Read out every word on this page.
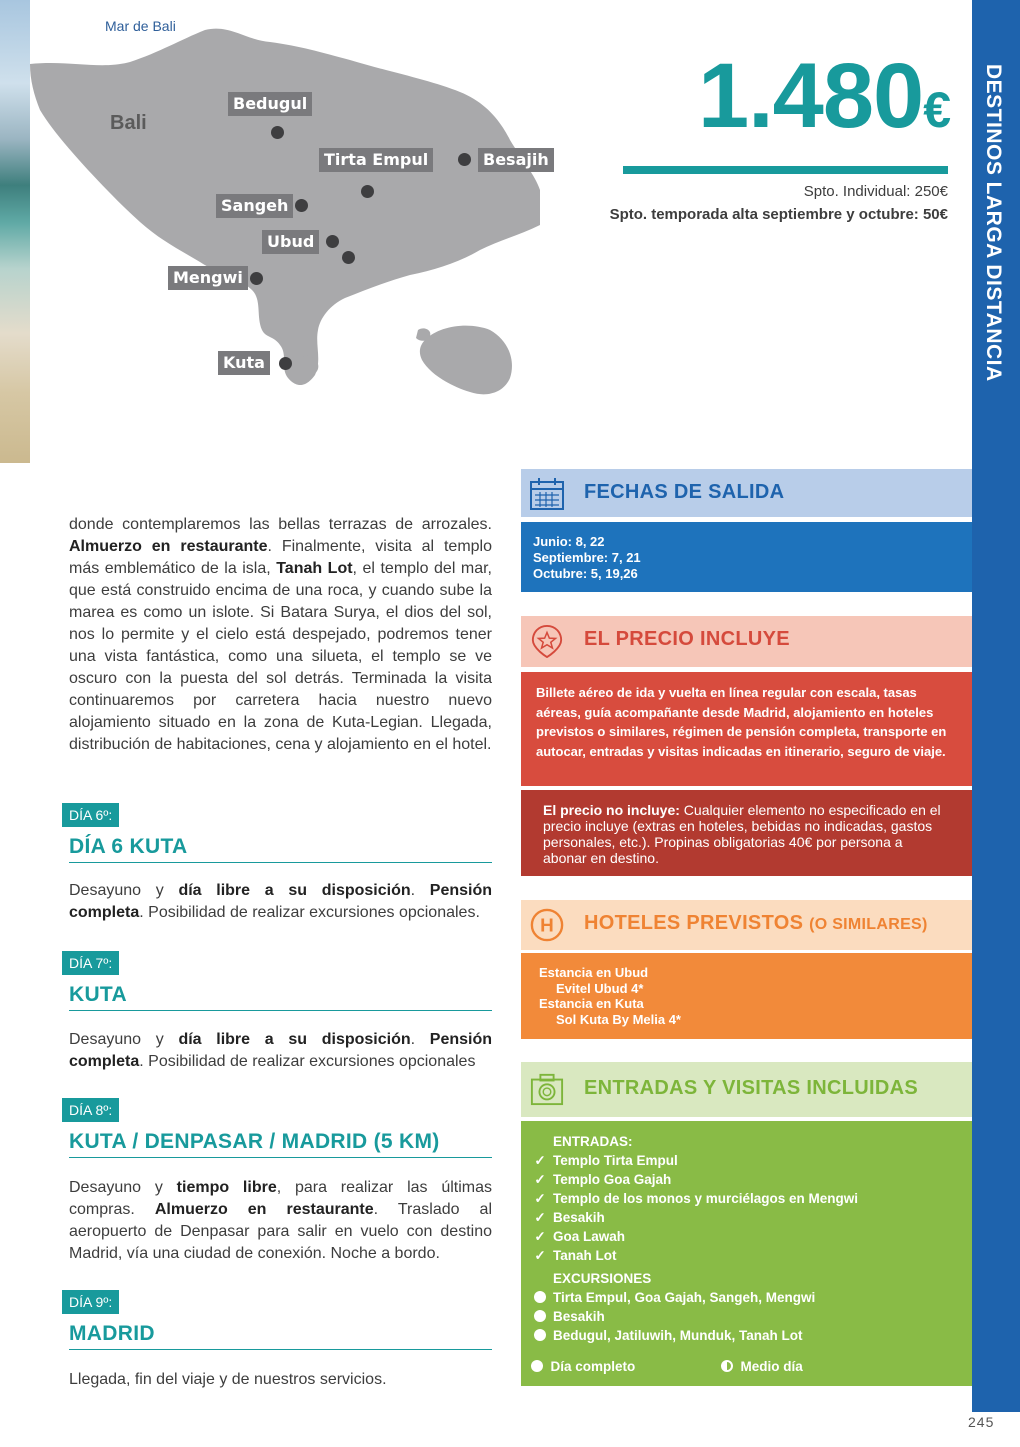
Mar de Bali
Bali
Bedugul
Tirta Empul	Besajih
Sangeh
Ubud
Mengwi
Kuta
1.480€
Spto. Individual: 250€
Spto. temporada alta septiembre y octubre: 50€ DESTINOS LARGA DISTANCIA
245
donde contemplaremos las bellas terrazas de arrozales. Almuerzo en restaurante. Finalmente, visita al templo más emblemático de la isla, Tanah Lot, el templo del mar, que está construido encima de una roca, y cuando sube la marea es como un islote. Si Batara Surya, el dios del sol, nos lo permite y el cielo está despejado, podremos tener una vista fantástica, como una silueta, el templo se ve oscuro con la puesta del sol detrás. Terminada la visita continuaremos por carretera hacia nuestro nuevo alojamiento situado en la zona de Kuta-Legian. Llegada, distribución de habitaciones, cena y alojamiento en el hotel.
DÍA 6º:
DÍA 6 KUTA
Desayuno y día libre a su disposición. Pensión completa. Posibilidad de realizar excursiones opcionales.
DÍA 7º:
KUTA
Desayuno y día libre a su disposición. Pensión completa. Posibilidad de realizar excursiones opcionales
DÍA 8º:
KUTA / DENPASAR / MADRID (5 KM)
Desayuno y tiempo libre, para realizar las últimas compras. Almuerzo en restaurante. Traslado al aeropuerto de Denpasar para salir en vuelo con destino Madrid, vía una ciudad de conexión. Noche a bordo.
DÍA 9º:
MADRID
Llegada, fin del viaje y de nuestros servicios.
FECHAS DE SALIDA
Junio: 8, 22
Septiembre: 7, 21
Octubre: 5, 19,26
EL PRECIO INCLUYE
Billete aéreo de ida y vuelta en línea regular con escala, tasas aéreas, guía acompañante desde Madrid, alojamiento en hoteles previstos o similares, régimen de pensión completa, transporte en autocar, entradas y visitas indicadas en itinerario, seguro de viaje.
El precio no incluye: Cualquier elemento no especificado en el precio incluye (extras en hoteles, bebidas no indicadas, gastos personales, etc.). Propinas obligatorias 40€ por persona a abonar en destino.
H HOTELES PREVISTOS (O SIMILARES)
Estancia en Ubud
Evitel Ubud 4*
Estancia en Kuta
Sol Kuta By Melia 4*
ENTRADAS Y VISITAS INCLUIDAS
ENTRADAS:
✓ Templo Tirta Empul
✓ Templo Goa Gajah
✓ Templo de los monos y murciélagos en Mengwi
✓ Besakih
✓ Goa Lawah
✓ Tanah Lot
EXCURSIONES
Tirta Empul, Goa Gajah, Sangeh, Mengwi
Besakih
Bedugul, Jatiluwih, Munduk, Tanah Lot
Día completo	Medio día
